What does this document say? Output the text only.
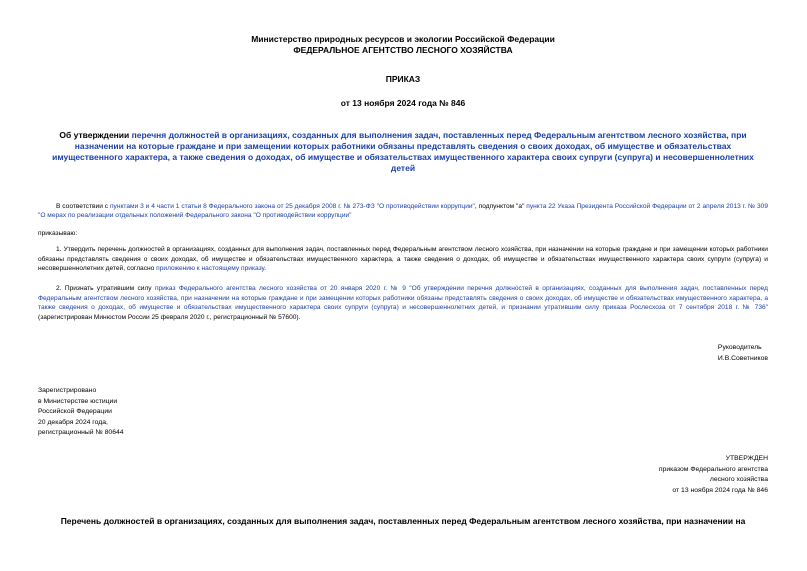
Министерство природных ресурсов и экологии Российской Федерации
ФЕДЕРАЛЬНОЕ АГЕНТСТВО ЛЕСНОГО ХОЗЯЙСТВА
ПРИКАЗ
от 13 ноября 2024 года № 846
Об утверждении перечня должностей в организациях, созданных для выполнения задач, поставленных перед Федеральным агентством лесного хозяйства, при назначении на которые граждане и при замещении которых работники обязаны представлять сведения о своих доходах, об имуществе и обязательствах имущественного характера, а также сведения о доходах, об имуществе и обязательствах имущественного характера своих супруги (супруга) и несовершеннолетних детей
В соответствии с пунктами 3 и 4 части 1 статьи 8 Федерального закона от 25 декабря 2008 г. № 273-ФЗ "О противодействии коррупции", подпунктом "а" пункта 22 Указа Президента Российской Федерации от 2 апреля 2013 г. № 309 "О мерах по реализации отдельных положений Федерального закона "О противодействии коррупции"
приказываю:
1. Утвердить перечень должностей в организациях, созданных для выполнения задач, поставленных перед Федеральным агентством лесного хозяйства, при назначении на которые граждане и при замещении которых работники обязаны представлять сведения о своих доходах, об имуществе и обязательствах имущественного характера, а также сведения о доходах, об имуществе и обязательствах имущественного характера своих супруги (супруга) и несовершеннолетних детей, согласно приложению к настоящему приказу.
2. Признать утратившим силу приказ Федерального агентства лесного хозяйства от 20 января 2020 г. № 9 "Об утверждении перечня должностей в организациях, созданных для выполнения задач, поставленных перед Федеральным агентством лесного хозяйства, при назначении на которые граждане и при замещении которых работники обязаны представлять сведения о своих доходах, об имуществе и обязательствах имущественного характера, а также сведения о доходах, об имуществе и обязательствах имущественного характера своих супруги (супруга) и несовершеннолетних детей, и признании утратившим силу приказа Рослесхоза от 7 сентября 2018 г. № 736" (зарегистрирован Минюстом России 25 февраля 2020 г., регистрационный № 57600).
Руководитель
И.В.Советников
Зарегистрировано
в Министерстве юстиции
Российской Федерации
20 декабря 2024 года,
регистрационный № 80644
УТВЕРЖДЕН
приказом Федерального агентства
лесного хозяйства
от 13 ноября 2024 года № 846
Перечень должностей в организациях, созданных для выполнения задач, поставленных перед Федеральным агентством лесного хозяйства, при назначении на
